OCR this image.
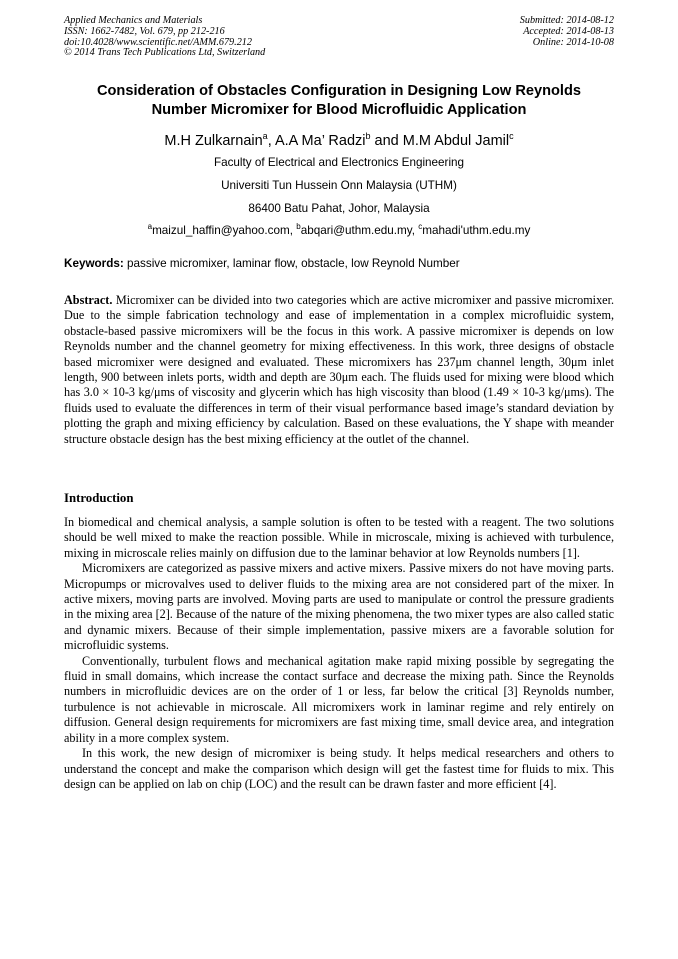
Applied Mechanics and Materials
ISSN: 1662-7482, Vol. 679, pp 212-216
doi:10.4028/www.scientific.net/AMM.679.212
© 2014 Trans Tech Publications Ltd, Switzerland
Submitted: 2014-08-12
Accepted: 2014-08-13
Online: 2014-10-08
Consideration of Obstacles Configuration in Designing Low Reynolds
Number Micromixer for Blood Microfluidic Application
M.H Zulkarnain$^a$, A.A Ma’ Radzi$^b$ and M.M Abdul Jamil$^c$
Faculty of Electrical and Electronics Engineering
Universiti Tun Hussein Onn Malaysia (UTHM)
86400 Batu Pahat, Johor, Malaysia
$^a$maizul_haffin@yahoo.com, $^b$abqari@uthm.edu.my, $^c$mahadi'uthm.edu.my
Keywords: passive micromixer, laminar flow, obstacle, low Reynold Number

Abstract. Micromixer can be divided into two categories which are active micromixer and passive micromixer. Due to the simple fabrication technology and ease of implementation in a complex microfluidic system, obstacle-based passive micromixers will be the focus in this work. A passive micromixer is depends on low Reynolds number and the channel geometry for mixing effectiveness. In this work, three designs of obstacle based micromixer were designed and evaluated. These micromixers has 237μm channel length, 30μm inlet length, 900 between inlets ports, width and depth are 30μm each. The fluids used for mixing were blood which has 3.0 × 10-3 kg/μms of viscosity and glycerin which has high viscosity than blood (1.49 × 10-3 kg/μms). The fluids used to evaluate the differences in term of their visual performance based image’s standard deviation by plotting the graph and mixing efficiency by calculation. Based on these evaluations, the Y shape with meander structure obstacle design has the best mixing efficiency at the outlet of the channel.

Introduction

In biomedical and chemical analysis, a sample solution is often to be tested with a reagent. The two solutions should be well mixed to make the reaction possible. While in microscale, mixing is achieved with turbulence, mixing in microscale relies mainly on diffusion due to the laminar behavior at low Reynolds numbers [1].

Micromixers are categorized as passive mixers and active mixers. Passive mixers do not have moving parts. Micropumps or microvalves used to deliver fluids to the mixing area are not considered part of the mixer. In active mixers, moving parts are involved. Moving parts are used to manipulate or control the pressure gradients in the mixing area [2]. Because of the nature of the mixing phenomena, the two mixer types are also called static and dynamic mixers. Because of their simple implementation, passive mixers are a favorable solution for microfluidic systems.

Conventionally, turbulent flows and mechanical agitation make rapid mixing possible by segregating the fluid in small domains, which increase the contact surface and decrease the mixing path. Since the Reynolds numbers in microfluidic devices are on the order of 1 or less, far below the critical [3] Reynolds number, turbulence is not achievable in microscale. All micromixers work in laminar regime and rely entirely on diffusion. General design requirements for micromixers are fast mixing time, small device area, and integration ability in a more complex system.

In this work, the new design of micromixer is being study. It helps medical researchers and others to understand the concept and make the comparison which design will get the fastest time for fluids to mix. This design can be applied on lab on chip (LOC) and the result can be drawn faster and more efficient [4].
